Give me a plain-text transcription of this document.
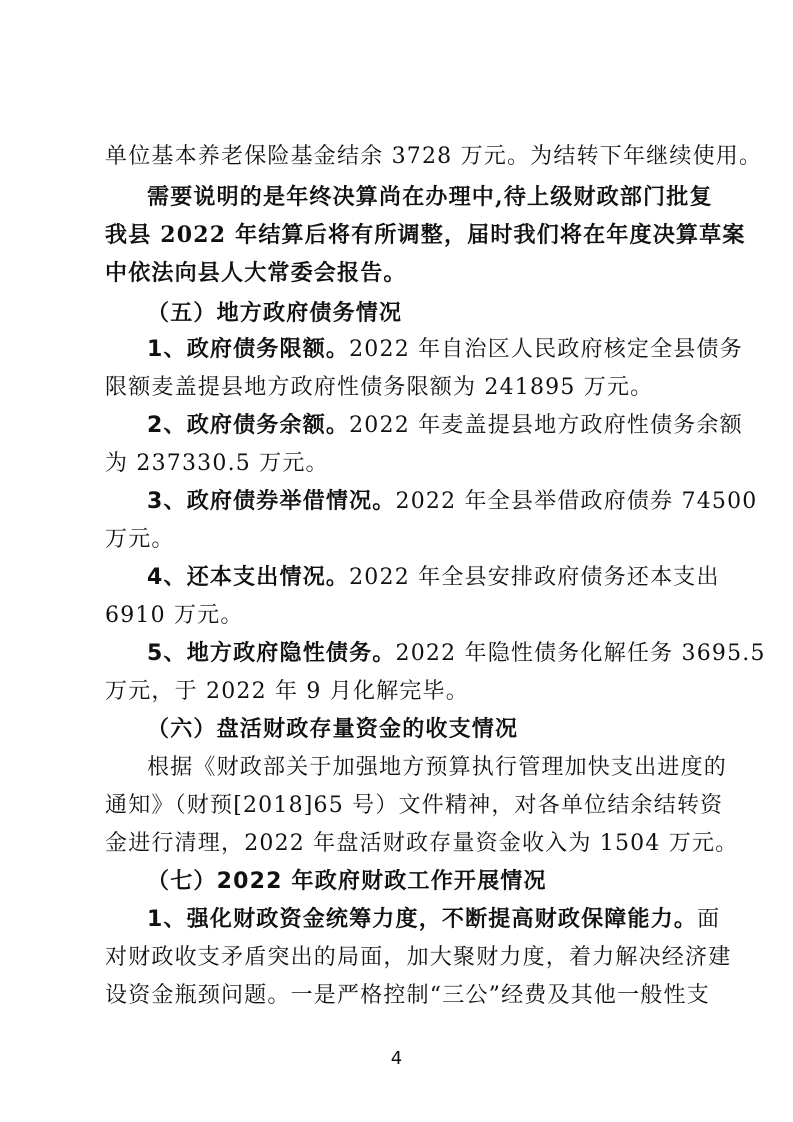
单位基本养老保险基金结余 3728 万元。为结转下年继续使用。
需要说明的是年终决算尚在办理中,待上级财政部门批复
我县 2022 年结算后将有所调整，届时我们将在年度决算草案
中依法向县人大常委会报告。
（五）地方政府债务情况
1、政府债务限额。2022 年自治区人民政府核定全县债务
限额麦盖提县地方政府性债务限额为 241895 万元。
2、政府债务余额。2022 年麦盖提县地方政府性债务余额
为 237330.5 万元。
3、政府债券举借情况。2022 年全县举借政府债券 74500
万元。
4、还本支出情况。2022 年全县安排政府债务还本支出
6910 万元。
5、地方政府隐性债务。2022 年隐性债务化解任务 3695.5
万元，于 2022 年 9 月化解完毕。
（六）盘活财政存量资金的收支情况
根据《财政部关于加强地方预算执行管理加快支出进度的
通知》（财预[2018]65 号）文件精神，对各单位结余结转资
金进行清理，2022 年盘活财政存量资金收入为 1504 万元。
（七）2022 年政府财政工作开展情况
1、强化财政资金统筹力度，不断提高财政保障能力。面
对财政收支矛盾突出的局面，加大聚财力度，着力解决经济建
设资金瓶颈问题。一是严格控制“三公”经费及其他一般性支
4
